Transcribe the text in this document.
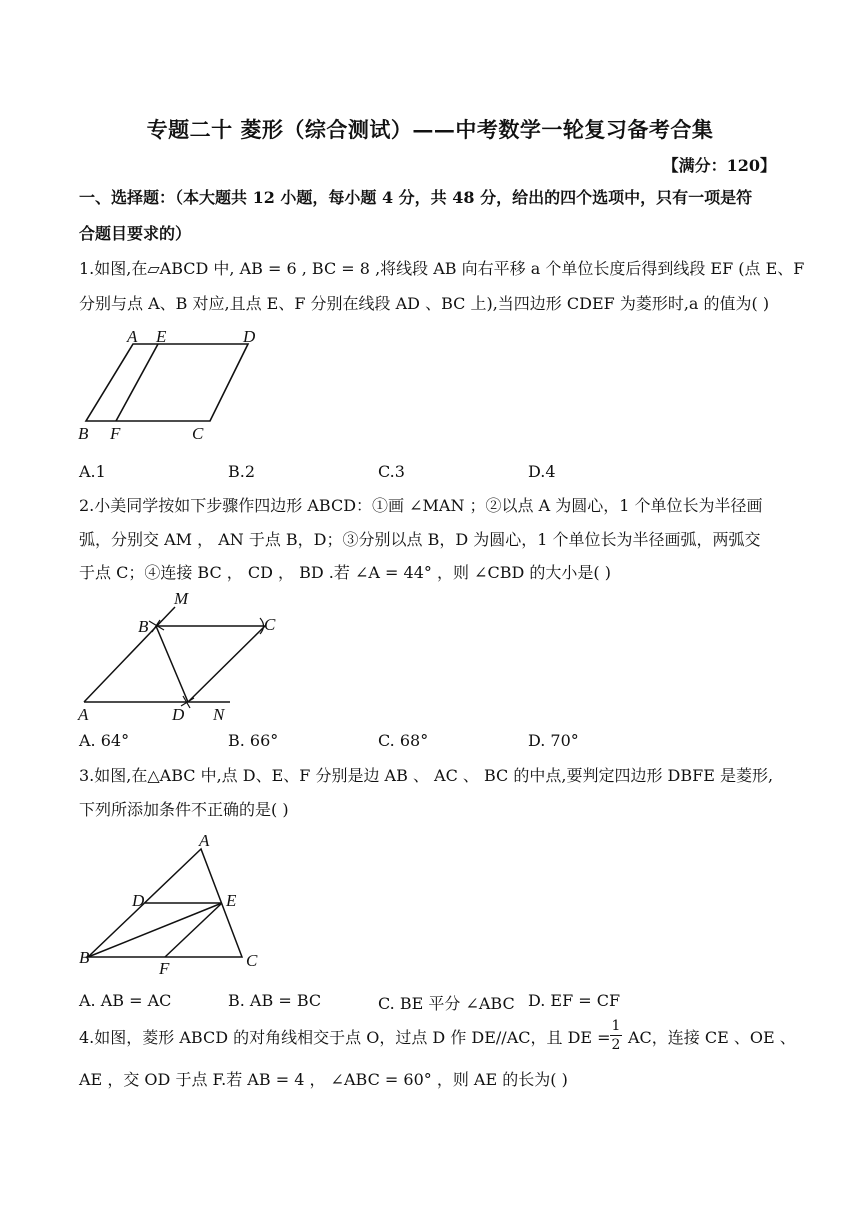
专题二十 菱形（综合测试）——中考数学一轮复习备考合集
【满分：120】
一、选择题：（本大题共 12 小题，每小题 4 分，共 48 分，给出的四个选项中，只有一项是符
合题目要求的）
1.如图,在▱ABCD 中, AB = 6 , BC = 8 ,将线段 AB 向右平移 a 个单位长度后得到线段 EF (点 E、F
分别与点 A、B 对应,且点 E、F 分别在线段 AD 、BC 上),当四边形 CDEF 为菱形时,a 的值为( )
A E	D
B F	C
A.1	B.2	C.3	D.4
2.小美同学按如下步骤作四边形 ABCD：①画 ∠MAN ；②以点 A 为圆心，1 个单位长为半径画
弧，分别交 AM ， AN 于点 B，D；③分别以点 B，D 为圆心，1 个单位长为半径画弧，两弧交
于点 C；④连接 BC ， CD ， BD .若 ∠A = 44° ，则 ∠CBD 的大小是( )
M
B	C
A	D N
A. 64°	B. 66°	C. 68°	D. 70°
3.如图,在△ABC 中,点 D、E、F 分别是边 AB 、 AC 、 BC 的中点,要判定四边形 DBFE 是菱形,
下列所添加条件不正确的是( )
A
D	E
B
F	C
A. AB = AC	B. AB = BC	C. BE 平分 ∠ABC D. EF = CF
4.如图，菱形 ABCD 的对角线相交于点 O，过点 D 作 DE//AC，且 DE =
1
2 AC，连接 CE 、OE 、
AE ，交 OD 于点 F.若 AB = 4 ， ∠ABC = 60° ，则 AE 的长为( )
